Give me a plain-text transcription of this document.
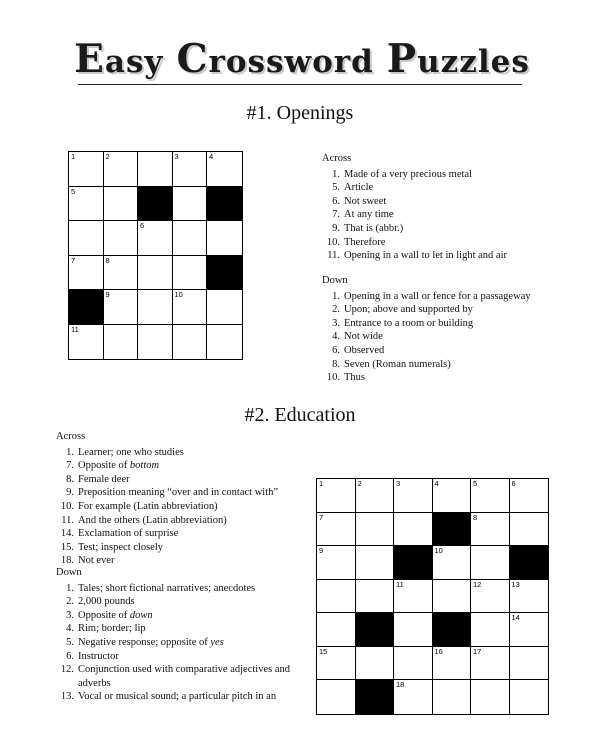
Easy Crossword Puzzles
#1. Openings
1	2	3	4
5
6
7	8
9	10
11
Across
1. Made of a very precious metal
5. Article
6. Not sweet
7. At any time
9. That is (abbr.)
10. Therefore
11. Opening in a wall to let in light and air
Down
1. Opening in a wall or fence for a passageway
2. Upon; above and supported by
3. Entrance to a room or building
4. Not wide
6. Observed
8. Seven (Roman numerals)
10. Thus
#2. Education
1	2	3	4	5	6
7	8
9	10
11	12	13
14
15	16	17
18
Across
1. Learner; one who studies
7. Opposite of bottom
8. Female deer
9. Preposition meaning “over and in contact with”
10. For example (Latin abbreviation)
11. And the others (Latin abbreviation)
14. Exclamation of surprise
15. Test; inspect closely
18. Not ever
Down
1. Tales; short fictional narratives; anecdotes
2. 2,000 pounds
3. Opposite of down
4. Rim; border; lip
5. Negative response; opposite of yes
6. Instructor
12. Conjunction used with comparative adjectives and adverbs
13. Vocal or musical sound; a particular pitch in an
